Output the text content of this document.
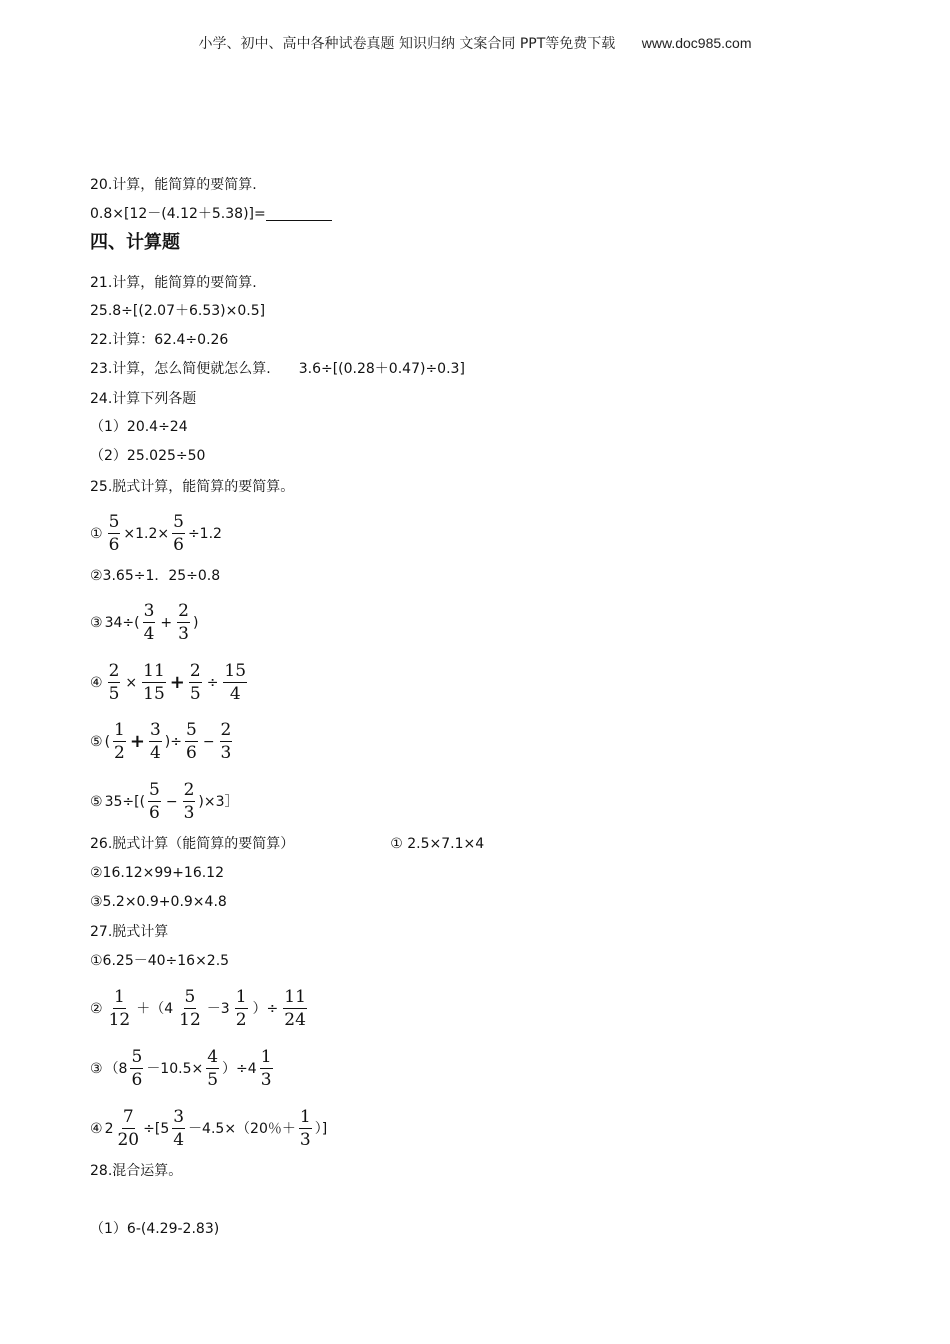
小学、初中、高中各种试卷真题 知识归纳 文案合同 PPT等免费下载 www.doc985.com
20.计算，能简算的要简算.
0.8×[12－(4.12＋5.38)]=
四、计算题
21.计算，能简算的要简算.
25.8÷[(2.07＋6.53)×0.5]
22.计算：62.4÷0.26
23.计算，怎么简便就怎么算. 3.6÷[(0.28＋0.47)÷0.3]
24.计算下列各题
（1）20.4÷24
（2）25.025÷50
25.脱式计算，能简算的要简算。
① $\frac{5}{6} \times 1.2\times \frac{5}{6} \div 1.2$
②3.65÷1．25÷0.8
③ $34\div( \frac{3}{4} + \frac{2}{3}$ )
④ $\frac{2}{5} \times \frac{11}{15} + \frac{2}{5} \div \frac{15}{4}$
⑤ ( $\frac{1}{2} + \frac{3}{4}$ )÷ $\frac{5}{6} - \frac{2}{3}$
⑤ $35\div[( \frac{5}{6} - \frac{2}{3}$ )×3］
26.脱式计算（能简算的要简算）	① 2.5×7.1×4
②16.12×99+16.12
③5.2×0.9+0.9×4.8
27.脱式计算
①6.25－40÷16×2.5
② $\frac{1}{12} +(4 \frac{5}{12} -3 \frac{1}{2}$ ）÷ $\frac{11}{24}$
③ $(8 \frac{5}{6} -10.5\times \frac{4}{5} )\div 4 \frac{1}{3}$
④ $2 \frac{7}{20} \div[5 \frac{3}{4} -4.5\times(20$％＋ $\frac{1}{3}$ ）]
28.混合运算。
（1）6-(4.29-2.83)
